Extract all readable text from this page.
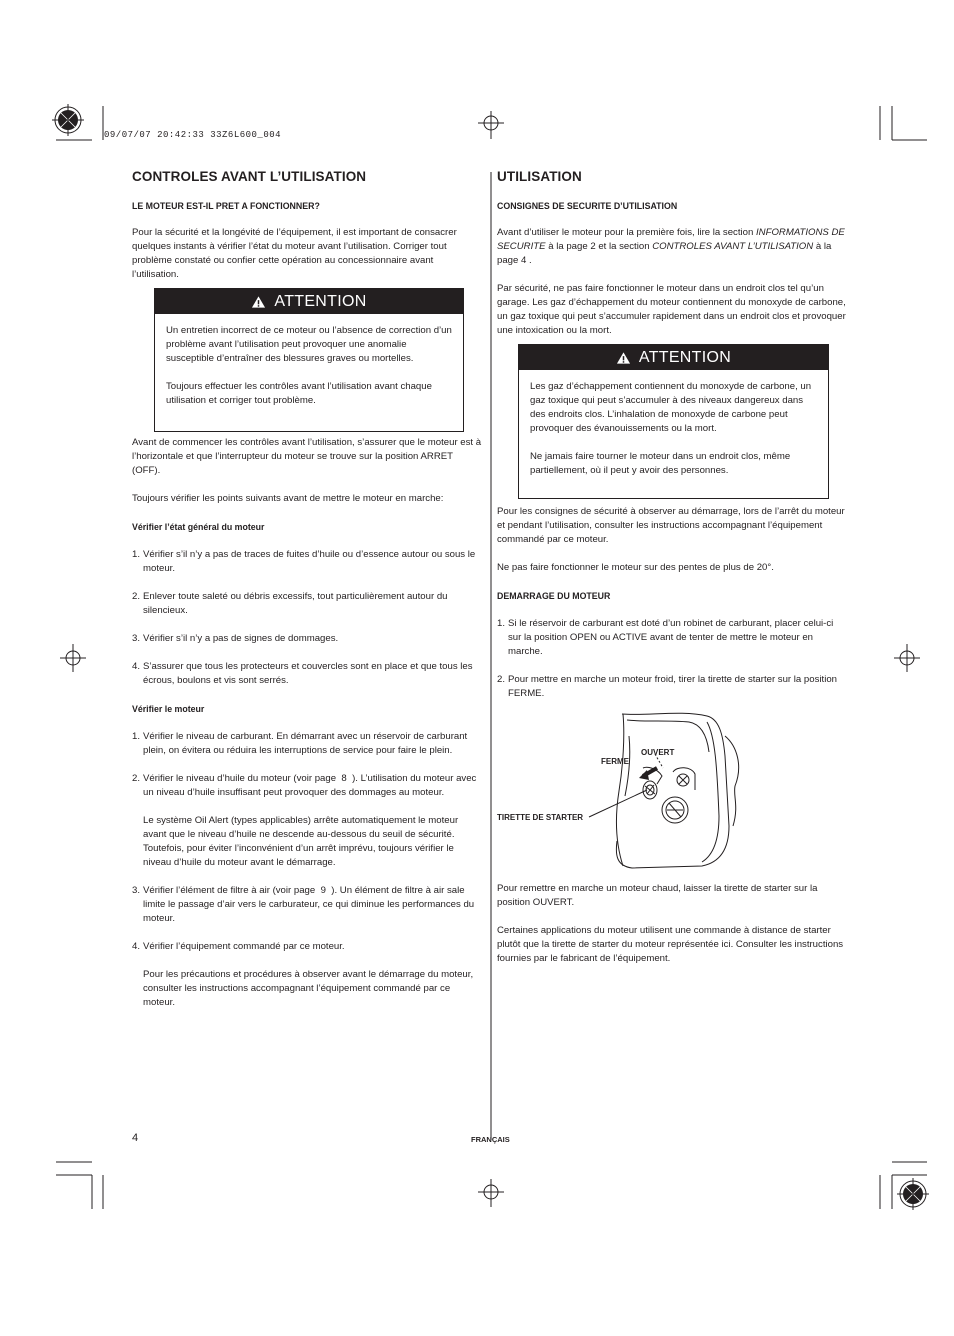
09/07/07 20:42:33 33Z6L600_004
CONTROLES AVANT L’UTILISATION
LE MOTEUR EST-IL PRET A FONCTIONNER?

Pour la sécurité et la longévité de l’équipement, il est important de consacrer quelques instants à vérifier l’état du moteur avant l’utilisation. Corriger tout problème constaté ou confier cette opération au concessionnaire avant l’utilisation.

ATTENTION

Un entretien incorrect de ce moteur ou l’absence de correction d’un problème avant l’utilisation peut provoquer une anomalie susceptible d’entraîner des blessures graves ou mortelles.

Toujours effectuer les contrôles avant l’utilisation avant chaque utilisation et corriger tout problème.

Avant de commencer les contrôles avant l’utilisation, s’assurer que le moteur est à l’horizontale et que l’interrupteur du moteur se trouve sur la position ARRET (OFF).

Toujours vérifier les points suivants avant de mettre le moteur en marche:

Vérifier l’état général du moteur
1. Vérifier s’il n’y a pas de traces de fuites d’huile ou d’essence autour ou sous le moteur.
2. Enlever toute saleté ou débris excessifs, tout particulièrement autour du silencieux.
3. Vérifier s’il n’y a pas de signes de dommages.
4. S’assurer que tous les protecteurs et couvercles sont en place et que tous les écrous, boulons et vis sont serrés.
Vérifier le moteur
1. Vérifier le niveau de carburant. En démarrant avec un réservoir de carburant plein, on évitera ou réduira les interruptions de service pour faire le plein.
2. Vérifier le niveau d’huile du moteur (voir page 8 ). L’utilisation du moteur avec un niveau d’huile insuffisant peut provoquer des dommages au moteur.
Le système Oil Alert (types applicables) arrête automatiquement le moteur avant que le niveau d’huile ne descende au-dessous du seuil de sécurité. Toutefois, pour éviter l’inconvénient d’un arrêt imprévu, toujours vérifier le niveau d’huile du moteur avant le démarrage.
3. Vérifier l’élément de filtre à air (voir page 9 ). Un élément de filtre à air sale limite le passage d’air vers le carburateur, ce qui diminue les performances du moteur.
4. Vérifier l’équipement commandé par ce moteur.
Pour les précautions et procédures à observer avant le démarrage du moteur, consulter les instructions accompagnant l’équipement commandé par ce moteur.
UTILISATION
CONSIGNES DE SECURITE D’UTILISATION

Avant d’utiliser le moteur pour la première fois, lire la section INFORMATIONS DE SECURITE à la page 2 et la section CONTROLES AVANT L’UTILISATION à la page 4 .

Par sécurité, ne pas faire fonctionner le moteur dans un endroit clos tel qu’un garage. Les gaz d’échappement du moteur contiennent du monoxyde de carbone, un gaz toxique qui peut s’accumuler rapidement dans un endroit clos et provoquer une intoxication ou la mort.

ATTENTION

Les gaz d’échappement contiennent du monoxyde de carbone, un gaz toxique qui peut s’accumuler à des niveaux dangereux dans des endroits clos. L’inhalation de monoxyde de carbone peut provoquer des évanouissements ou la mort.

Ne jamais faire tourner le moteur dans un endroit clos, même partiellement, où il peut y avoir des personnes.

Pour les consignes de sécurité à observer au démarrage, lors de l’arrêt du moteur et pendant l’utilisation, consulter les instructions accompagnant l’équipement commandé par ce moteur.

Ne pas faire fonctionner le moteur sur des pentes de plus de 20°.

DEMARRAGE DU MOTEUR
1. Si le réservoir de carburant est doté d’un robinet de carburant, placer celui-ci sur la position OPEN ou ACTIVE avant de tenter de mettre le moteur en marche.
2. Pour mettre en marche un moteur froid, tirer la tirette de starter sur la position FERME.
OUVERT
FERME
TIRETTE DE STARTER

Pour remettre en marche un moteur chaud, laisser la tirette de starter sur la position OUVERT.

Certaines applications du moteur utilisent une commande à distance de starter plutôt que la tirette de starter du moteur représentée ici. Consulter les instructions fournies par le fabricant de l’équipement.

4	FRANÇAIS
